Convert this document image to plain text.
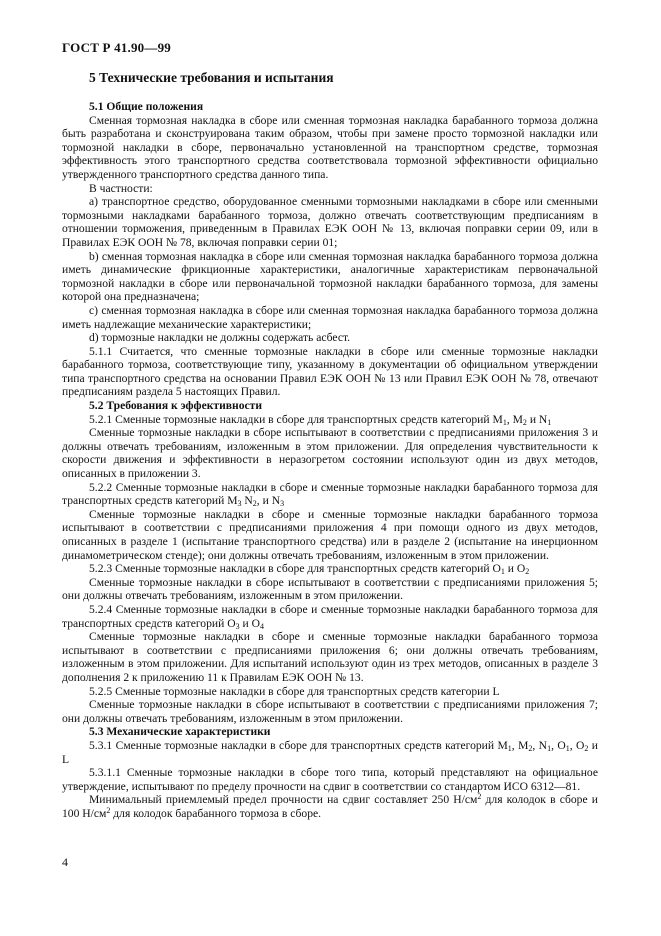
ГОСТ Р 41.90—99
5 Технические требования и испытания

5.1 Общие положения

Сменная тормозная накладка в сборе или сменная тормозная накладка барабанного тормоза должна быть разработана и сконструирована таким образом, чтобы при замене просто тормозной накладки или тормозной накладки в сборе, первоначально установленной на транспортном средстве, тормозная эффективность этого транспортного средства соответствовала тормозной эффективности официально утвержденного транспортного средства данного типа.

В частности:

а) транспортное средство, оборудованное сменными тормозными накладками в сборе или сменными тормозными накладками барабанного тормоза, должно отвечать соответствующим предписаниям в отношении торможения, приведенным в Правилах ЕЭК ООН № 13, включая поправки серии 09, или в Правилах ЕЭК ООН № 78, включая поправки серии 01;

b) сменная тормозная накладка в сборе или сменная тормозная накладка барабанного тормоза должна иметь динамические фрикционные характеристики, аналогичные характеристикам первоначальной тормозной накладки в сборе или первоначальной тормозной накладки барабанного тормоза, для замены которой она предназначена;

с) сменная тормозная накладка в сборе или сменная тормозная накладка барабанного тормоза должна иметь надлежащие механические характеристики;

d) тормозные накладки не должны содержать асбест.

5.1.1 Считается, что сменные тормозные накладки в сборе или сменные тормозные накладки барабанного тормоза, соответствующие типу, указанному в документации об официальном утверждении типа транспортного средства на основании Правил ЕЭК ООН № 13 или Правил ЕЭК ООН № 78, отвечают предписаниям раздела 5 настоящих Правил.

5.2 Требования к эффективности

5.2.1 Сменные тормозные накладки в сборе для транспортных средств категорий $M_1$, $M_2$ и $N_1$

Сменные тормозные накладки в сборе испытывают в соответствии с предписаниями приложения 3 и должны отвечать требованиям, изложенным в этом приложении. Для определения чувствительности к скорости движения и эффективности в неразогретом состоянии используют один из двух методов, описанных в приложении 3.

5.2.2 Сменные тормозные накладки в сборе и сменные тормозные накладки барабанного тормоза для транспортных средств категорий $M_3$ $N_2$, и $N_3$

Сменные тормозные накладки в сборе и сменные тормозные накладки барабанного тормоза испытывают в соответствии с предписаниями приложения 4 при помощи одного из двух методов, описанных в разделе 1 (испытание транспортного средства) или в разделе 2 (испытание на инерционном динамометрическом стенде); они должны отвечать требованиям, изложенным в этом приложении.

5.2.3 Сменные тормозные накладки в сборе для транспортных средств категорий $O_1$ и $O_2$

Сменные тормозные накладки в сборе испытывают в соответствии с предписаниями приложения 5; они должны отвечать требованиям, изложенным в этом приложении.

5.2.4 Сменные тормозные накладки в сборе и сменные тормозные накладки барабанного тормоза для транспортных средств категорий $O_3$ и $O_4$

Сменные тормозные накладки в сборе и сменные тормозные накладки барабанного тормоза испытывают в соответствии с предписаниями приложения 6; они должны отвечать требованиям, изложенным в этом приложении. Для испытаний используют один из трех методов, описанных в разделе 3 дополнения 2 к приложению 11 к Правилам ЕЭК ООН № 13.

5.2.5 Сменные тормозные накладки в сборе для транспортных средств категории L

Сменные тормозные накладки в сборе испытывают в соответствии с предписаниями приложения 7; они должны отвечать требованиям, изложенным в этом приложении.

5.3 Механические характеристики

5.3.1 Сменные тормозные накладки в сборе для транспортных средств категорий $M_1$, $M_2$, $N_1$, $O_1$, $O_2$ и L

5.3.1.1 Сменные тормозные накладки в сборе того типа, который представляют на официальное утверждение, испытывают по пределу прочности на сдвиг в соответствии со стандартом ИСО 6312—81.

Минимальный приемлемый предел прочности на сдвиг составляет 250 $Н/см^2$ для колодок в сборе и 100 $Н/см^2$ для колодок барабанного тормоза в сборе.

4
